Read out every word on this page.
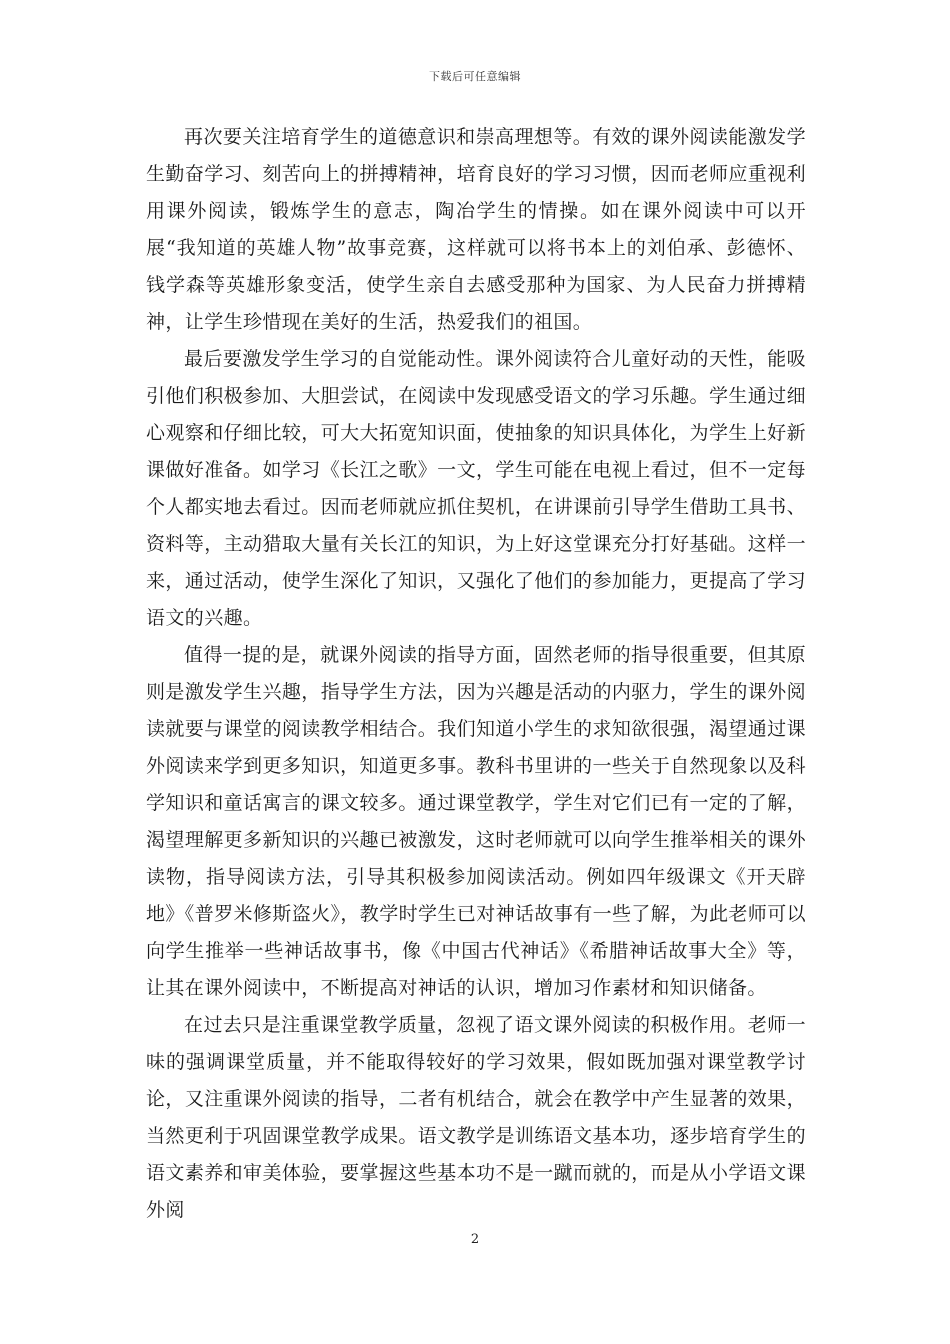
下载后可任意编辑

再次要关注培育学生的道德意识和崇高理想等。有效的课外阅读能激发学生勤奋学习、刻苦向上的拼搏精神，培育良好的学习习惯，因而老师应重视利用课外阅读，锻炼学生的意志，陶冶学生的情操。如在课外阅读中可以开展“我知道的英雄人物”故事竞赛，这样就可以将书本上的刘伯承、彭德怀、钱学森等英雄形象变活，使学生亲自去感受那种为国家、为人民奋力拼搏精神，让学生珍惜现在美好的生活，热爱我们的祖国。

最后要激发学生学习的自觉能动性。课外阅读符合儿童好动的天性，能吸引他们积极参加、大胆尝试，在阅读中发现感受语文的学习乐趣。学生通过细心观察和仔细比较，可大大拓宽知识面，使抽象的知识具体化，为学生上好新课做好准备。如学习《长江之歌》一文，学生可能在电视上看过，但不一定每个人都实地去看过。因而老师就应抓住契机，在讲课前引导学生借助工具书、资料等，主动猎取大量有关长江的知识，为上好这堂课充分打好基础。这样一来，通过活动，使学生深化了知识，又强化了他们的参加能力，更提高了学习语文的兴趣。

值得一提的是，就课外阅读的指导方面，固然老师的指导很重要，但其原则是激发学生兴趣，指导学生方法，因为兴趣是活动的内驱力，学生的课外阅读就要与课堂的阅读教学相结合。我们知道小学生的求知欲很强，渴望通过课外阅读来学到更多知识，知道更多事。教科书里讲的一些关于自然现象以及科学知识和童话寓言的课文较多。通过课堂教学，学生对它们已有一定的了解，渴望理解更多新知识的兴趣已被激发，这时老师就可以向学生推举相关的课外读物，指导阅读方法，引导其积极参加阅读活动。例如四年级课文《开天辟地》《普罗米修斯盗火》，教学时学生已对神话故事有一些了解，为此老师可以向学生推举一些神话故事书，像《中国古代神话》《希腊神话故事大全》等，让其在课外阅读中，不断提高对神话的认识，增加习作素材和知识储备。

在过去只是注重课堂教学质量，忽视了语文课外阅读的积极作用。老师一味的强调课堂质量，并不能取得较好的学习效果，假如既加强对课堂教学讨论，又注重课外阅读的指导，二者有机结合，就会在教学中产生显著的效果，当然更利于巩固课堂教学成果。语文教学是训练语文基本功，逐步培育学生的语文素养和审美体验，要掌握这些基本功不是一蹴而就的，而是从小学语文课外阅

2
